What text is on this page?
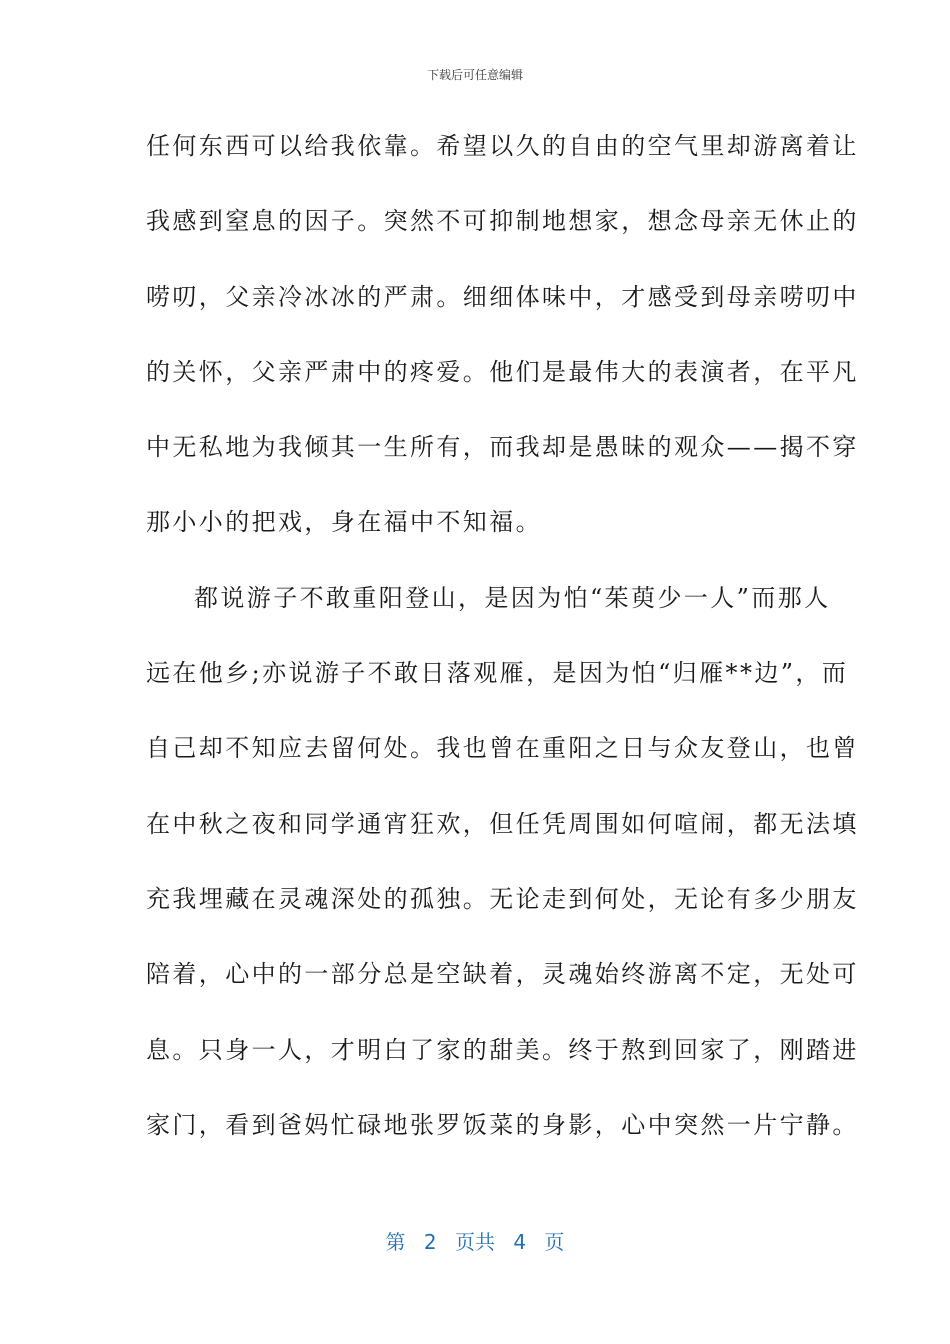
下载后可任意编辑
任何东西可以给我依靠。希望以久的自由的空气里却游离着让
我感到窒息的因子。突然不可抑制地想家，想念母亲无休止的
唠叨，父亲冷冰冰的严肃。细细体味中，才感受到母亲唠叨中
的关怀，父亲严肃中的疼爱。他们是最伟大的表演者，在平凡
中无私地为我倾其一生所有，而我却是愚昧的观众——揭不穿
那小小的把戏，身在福中不知福。
都说游子不敢重阳登山，是因为怕“茱萸少一人”而那人
远在他乡;亦说游子不敢日落观雁，是因为怕“归雁**边”，而
自己却不知应去留何处。我也曾在重阳之日与众友登山，也曾
在中秋之夜和同学通宵狂欢，但任凭周围如何喧闹，都无法填
充我埋藏在灵魂深处的孤独。无论走到何处，无论有多少朋友
陪着，心中的一部分总是空缺着，灵魂始终游离不定，无处可
息。只身一人，才明白了家的甜美。终于熬到回家了，刚踏进
家门，看到爸妈忙碌地张罗饭菜的身影，心中突然一片宁静。
第 2 页共 4 页
